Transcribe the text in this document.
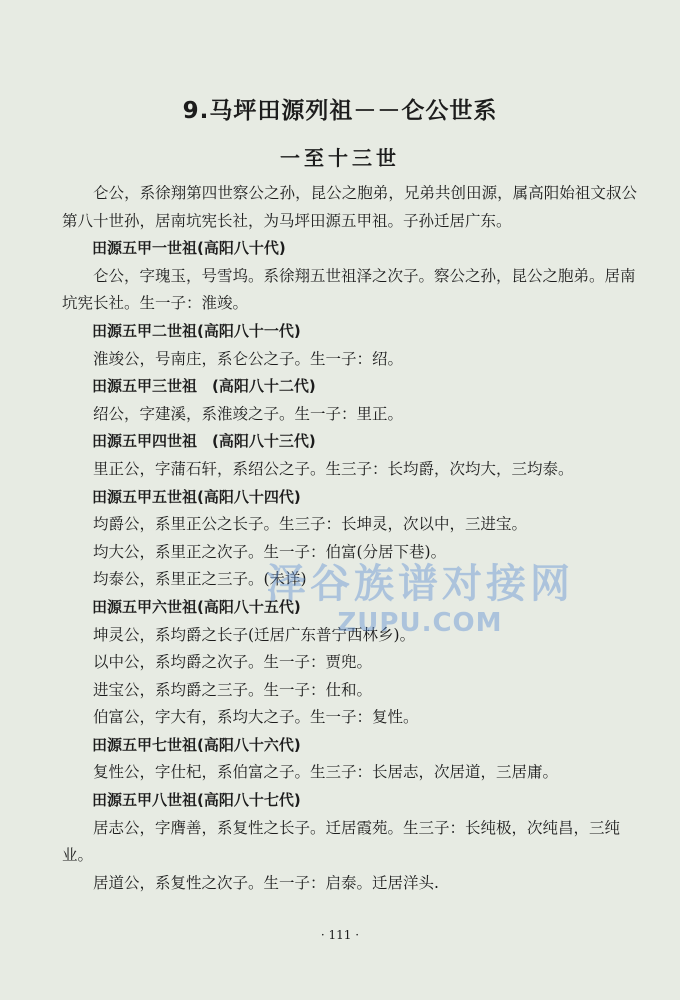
9.马坪田源列祖－－仑公世系
一至十三世

仑公，系徐翔第四世察公之孙，昆公之胞弟，兄弟共创田源，属高阳始祖文叔公第八十世孙，居南坑宪长社，为马坪田源五甲祖。子孙迁居广东。

田源五甲一世祖(高阳八十代)

仑公，字瑰玉，号雪坞。系徐翔五世祖泽之次子。察公之孙，昆公之胞弟。居南坑宪长社。生一子：淮竣。

田源五甲二世祖(高阳八十一代)

淮竣公，号南庄，系仑公之子。生一子：绍。

田源五甲三世祖　(高阳八十二代)

绍公，字建溪，系淮竣之子。生一子：里正。

田源五甲四世祖　(高阳八十三代)

里正公，字蒲石轩，系绍公之子。生三子：长均爵，次均大，三均泰。

田源五甲五世祖(高阳八十四代)

均爵公，系里正公之长子。生三子：长坤灵，次以中，三进宝。

均大公，系里正之次子。生一子：伯富(分居下巷)。

均泰公，系里正之三子。(未详)

田源五甲六世祖(高阳八十五代)

坤灵公，系均爵之长子(迁居广东普宁西林乡)。

以中公，系均爵之次子。生一子：贾兜。

进宝公，系均爵之三子。生一子：仕和。

伯富公，字大有，系均大之子。生一子：复性。

田源五甲七世祖(高阳八十六代)

复性公，字仕杞，系伯富之子。生三子：长居志，次居道，三居庸。

田源五甲八世祖(高阳八十七代)

居志公，字膺善，系复性之长子。迁居霞苑。生三子：长纯极，次纯昌，三纯业。

居道公，系复性之次子。生一子：启泰。迁居洋头.

泽谷族谱对接网
ZUPU.COM
· 111 ·
